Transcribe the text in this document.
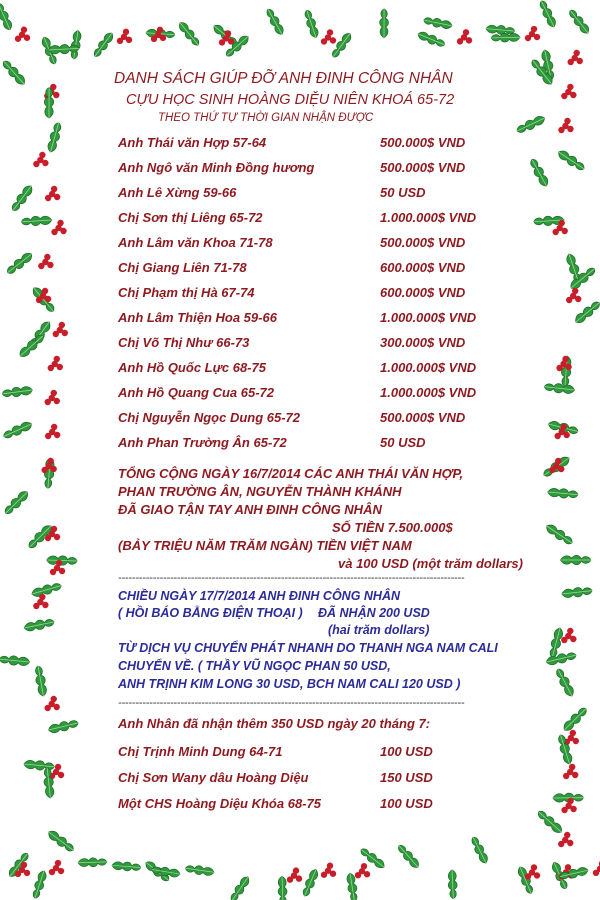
DANH SÁCH GIÚP ĐỠ ANH ĐINH CÔNG NHÂN
CỰU HỌC SINH HOÀNG DIỆU NIÊN KHOÁ 65-72
THEO THỨ TỰ THỜI GIAN NHẬN ĐƯỢC
Anh Thái văn Hợp 57-64	500.000$ VND
Anh Ngô văn Minh Đồng hương	500.000$ VND
Anh Lê Xừng 59-66	50 USD
Chị Sơn thị Liêng 65-72	1.000.000$ VND
Anh Lâm văn Khoa 71-78	500.000$ VND
Chị Giang Liên 71-78	600.000$ VND
Chị Phạm thị Hà 67-74	600.000$ VND
Anh Lâm Thiện Hoa 59-66	1.000.000$ VND
Chị Võ Thị Như 66-73	300.000$ VND
Anh Hồ Quốc Lực 68-75	1.000.000$ VND
Anh Hồ Quang Cua 65-72	1.000.000$ VND
Chị Nguyễn Ngọc Dung 65-72	500.000$ VND
Anh Phan Trường Ân 65-72	50 USD
TỔNG CỘNG NGÀY 16/7/2014 CÁC ANH THÁI VĂN HỢP,
PHAN TRƯỜNG ÂN, NGUYỄN THÀNH KHÁNH
ĐÃ GIAO TẬN TAY ANH ĐINH CÔNG NHÂN
SỐ TIỀN 7.500.000$
(BẢY TRIỆU NĂM TRĂM NGÀN) TIỀN VIỆT NAM
và 100 USD (một trăm dollars)
----------------------------------------------------------------------------------------------------
CHIỀU NGÀY 17/7/2014 ANH ĐINH CÔNG NHÂN
( HỒI BÁO BẰNG ĐIỆN THOẠI ) ĐÃ NHẬN 200 USD
(hai trăm dollars)
TỪ DỊCH VỤ CHUYỂN PHÁT NHANH DO THANH NGA NAM CALI
CHUYỂN VỀ. ( THẦY VŨ NGỌC PHAN 50 USD,
ANH TRỊNH KIM LONG 30 USD, BCH NAM CALI 120 USD )
----------------------------------------------------------------------------------------------------
Anh Nhân đã nhận thêm 350 USD ngày 20 tháng 7:
Chị Trịnh Minh Dung 64-71	100 USD
Chị Sơn Wany dâu Hoàng Diệu	150 USD
Một CHS Hoàng Diệu Khóa 68-75	100 USD
